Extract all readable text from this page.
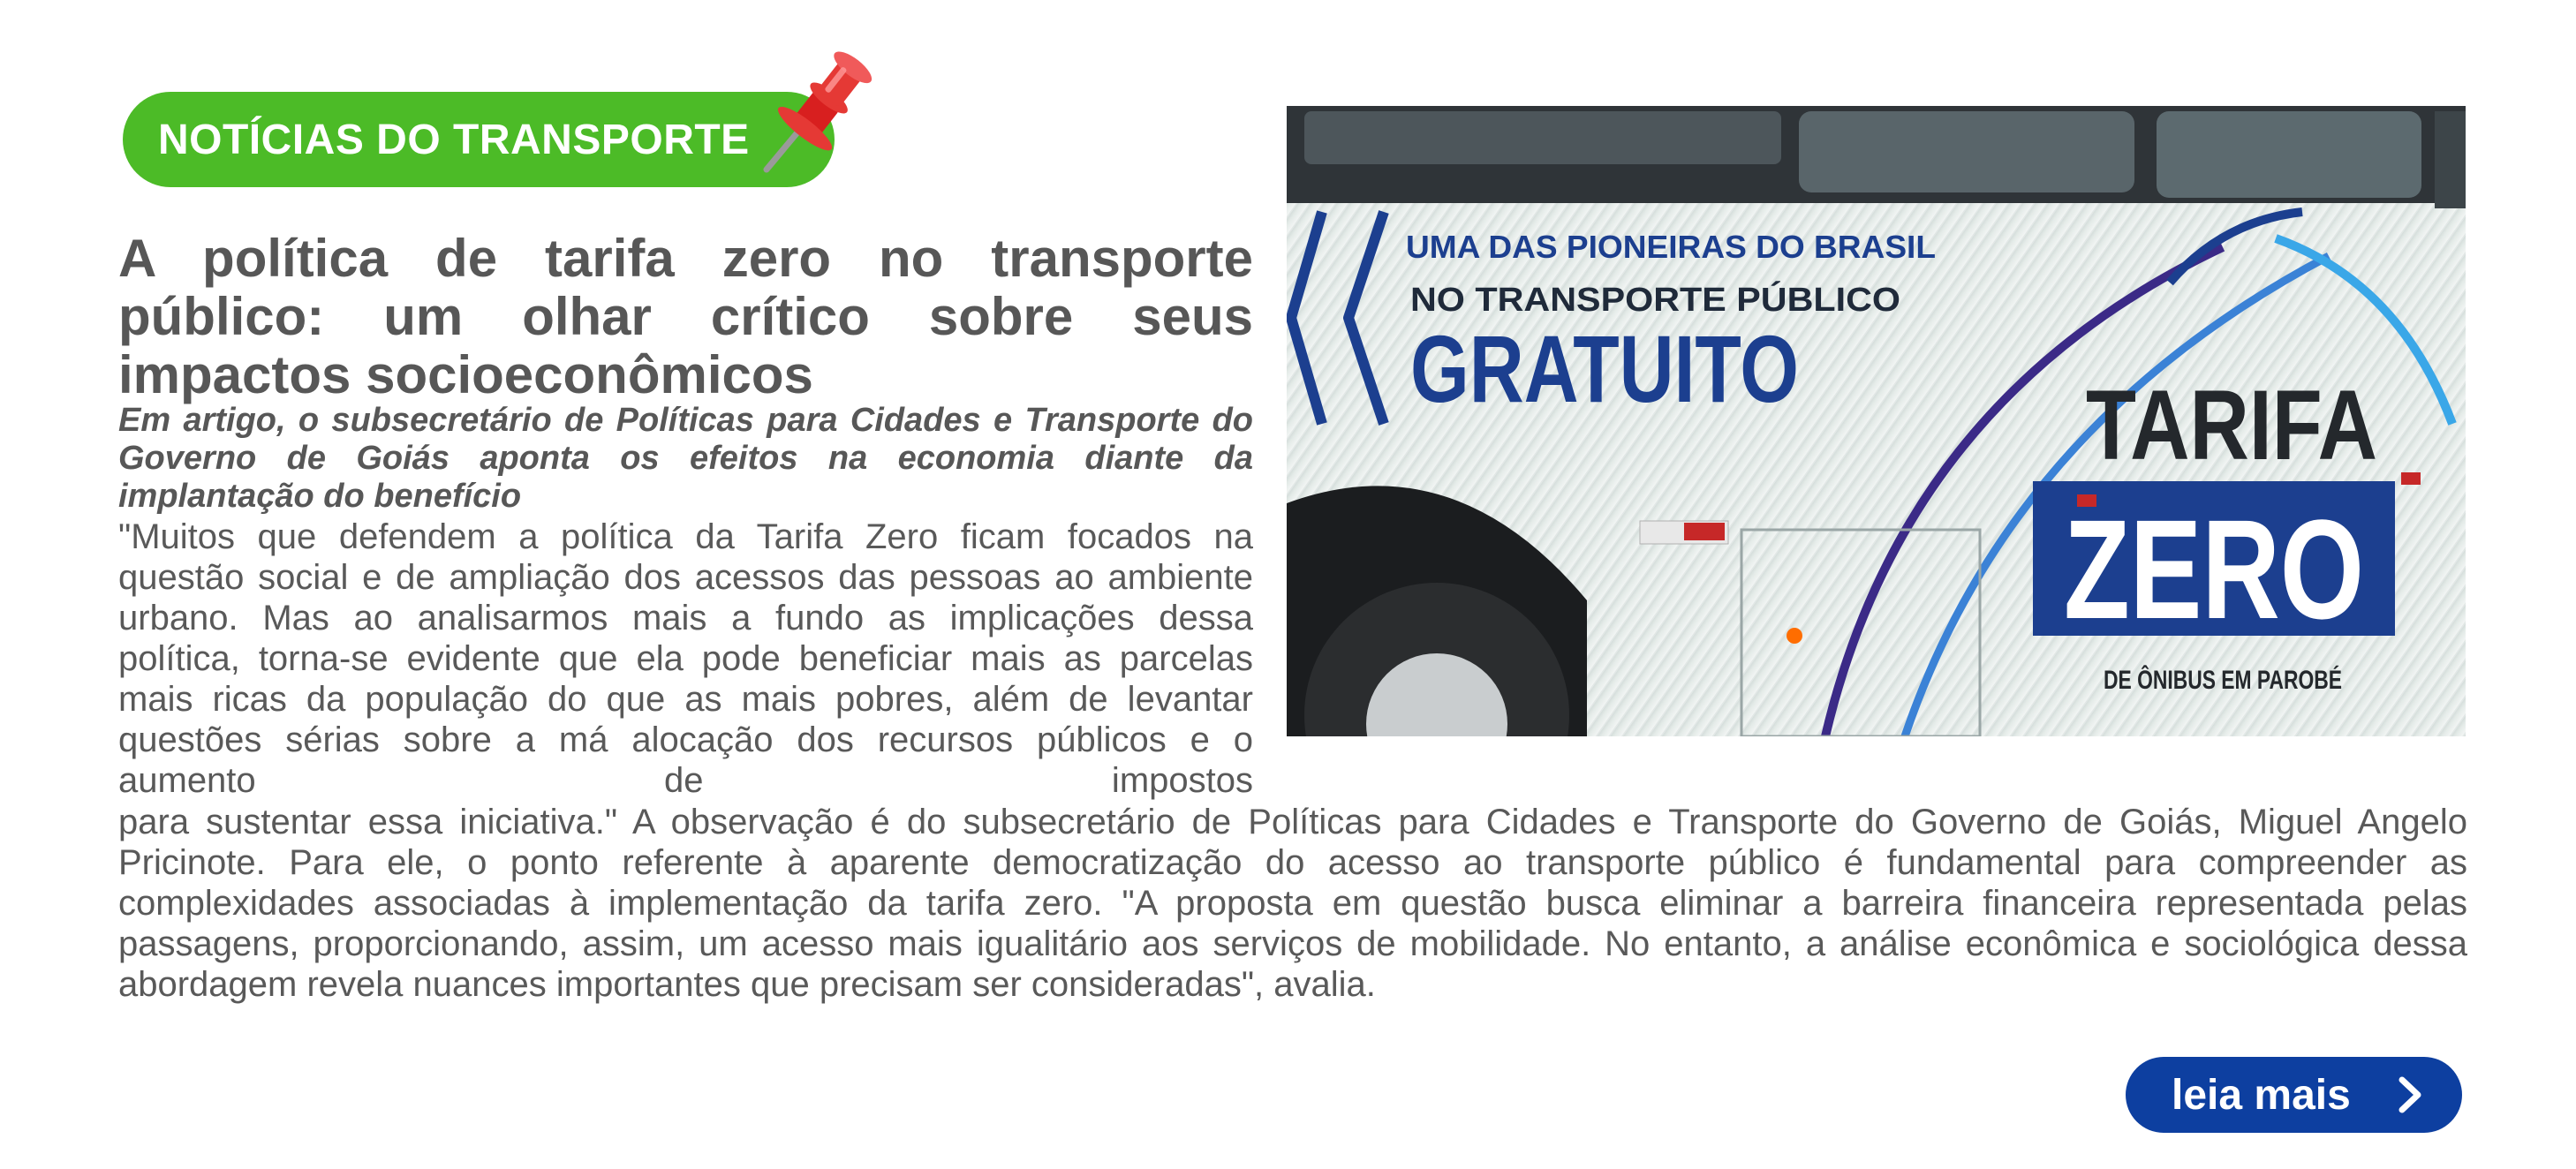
NOTÍCIAS DO TRANSPORTE
A política de tarifa zero no transporte público: um olhar crítico sobre seus impactos socioeconômicos

Em artigo, o subsecretário de Políticas para Cidades e Transporte do Governo de Goiás aponta os efeitos na economia diante da implantação do benefício

"Muitos que defendem a política da Tarifa Zero ficam focados na questão social e de ampliação dos acessos das pessoas ao ambiente urbano. Mas ao analisarmos mais a fundo as implicações dessa política, torna-se evidente que ela pode beneficiar mais as parcelas mais ricas da população do que as mais pobres, além de levantar questões sérias sobre a má alocação dos recursos públicos e o aumento de impostos

para sustentar essa iniciativa." A observação é do subsecretário de Políticas para Cidades e Transporte do Governo de Goiás, Miguel Angelo Pricinote. Para ele, o ponto referente à aparente democratização do acesso ao transporte público é fundamental para compreender as complexidades associadas à implementação da tarifa zero. "A proposta em questão busca eliminar a barreira financeira representada pelas passagens, proporcionando, assim, um acesso mais igualitário aos serviços de mobilidade. No entanto, a análise econômica e sociológica dessa abordagem revela nuances importantes que precisam ser consideradas", avalia.

UMA DAS PIONEIRAS DO BRASIL
NO TRANSPORTE PÚBLICO
GRATUITO
TARIFA
ZERO
DE ÔNIBUS EM PAROBÉ
leia mais
